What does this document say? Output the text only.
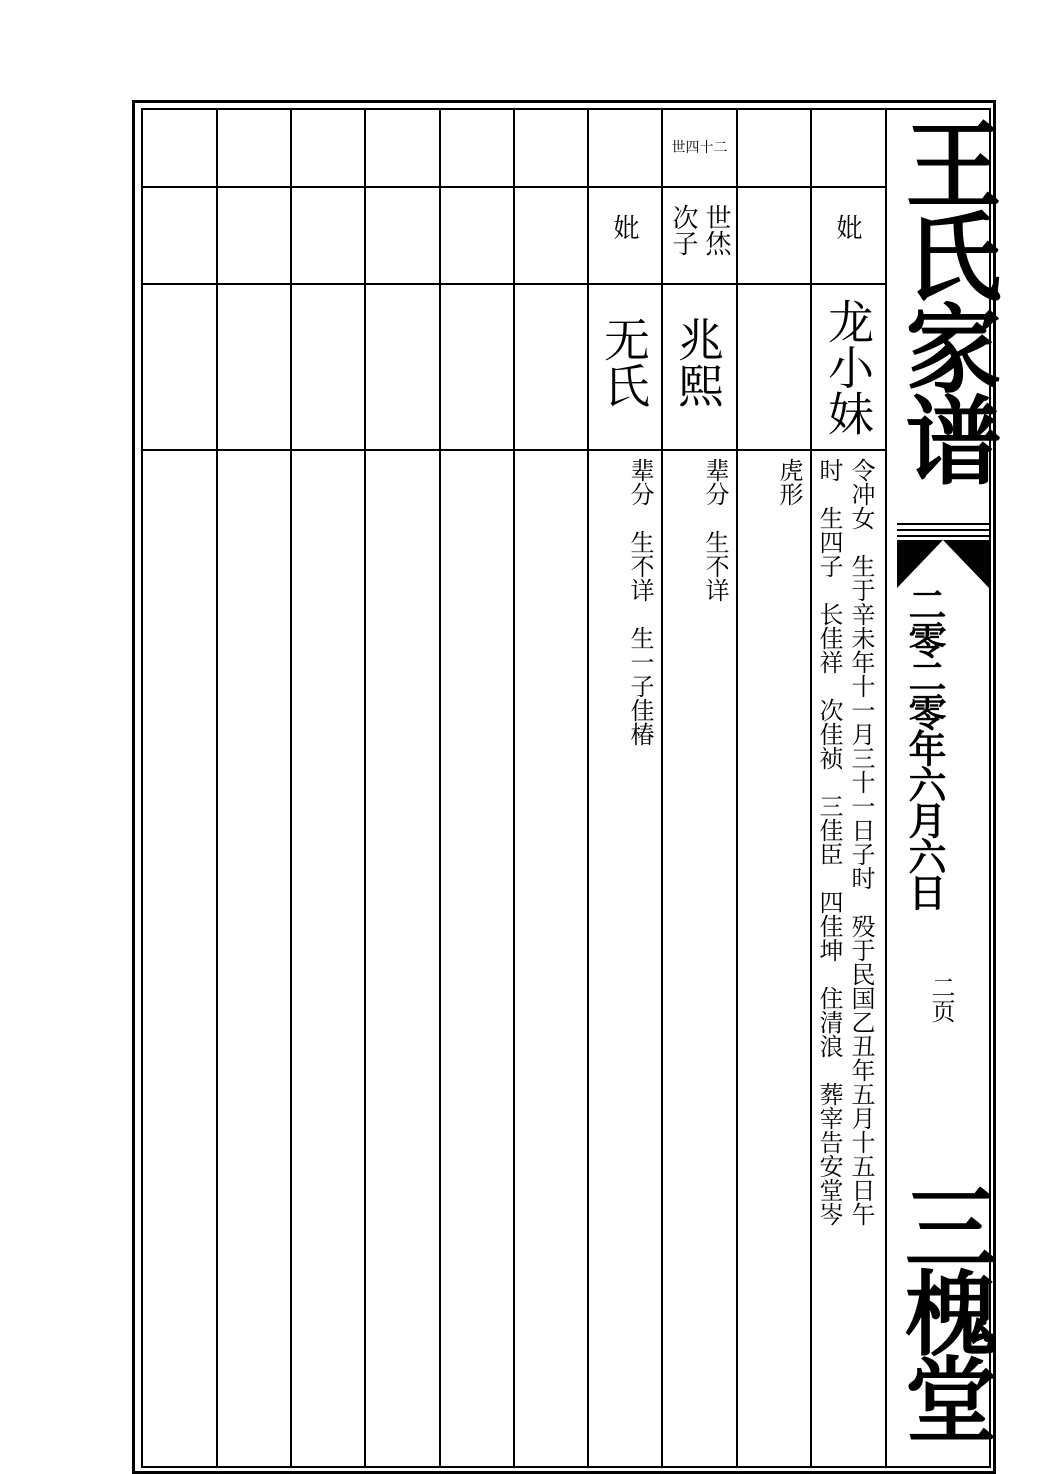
王氏家谱
二零二零年六月六日
二页
三槐堂
世四十二
妣
龙小妹
令冲女　生于辛未年十一月三十一日子时　殁于民国乙丑年五月十五日午
时　生四子　长佳祥　次佳祯　三佳臣　四佳坤　住清浪　葬宰告安堂岑
虎形
世烋
次子
兆熙
辈分　生不详
妣
无氏
辈分　生不详　生一子佳椿
